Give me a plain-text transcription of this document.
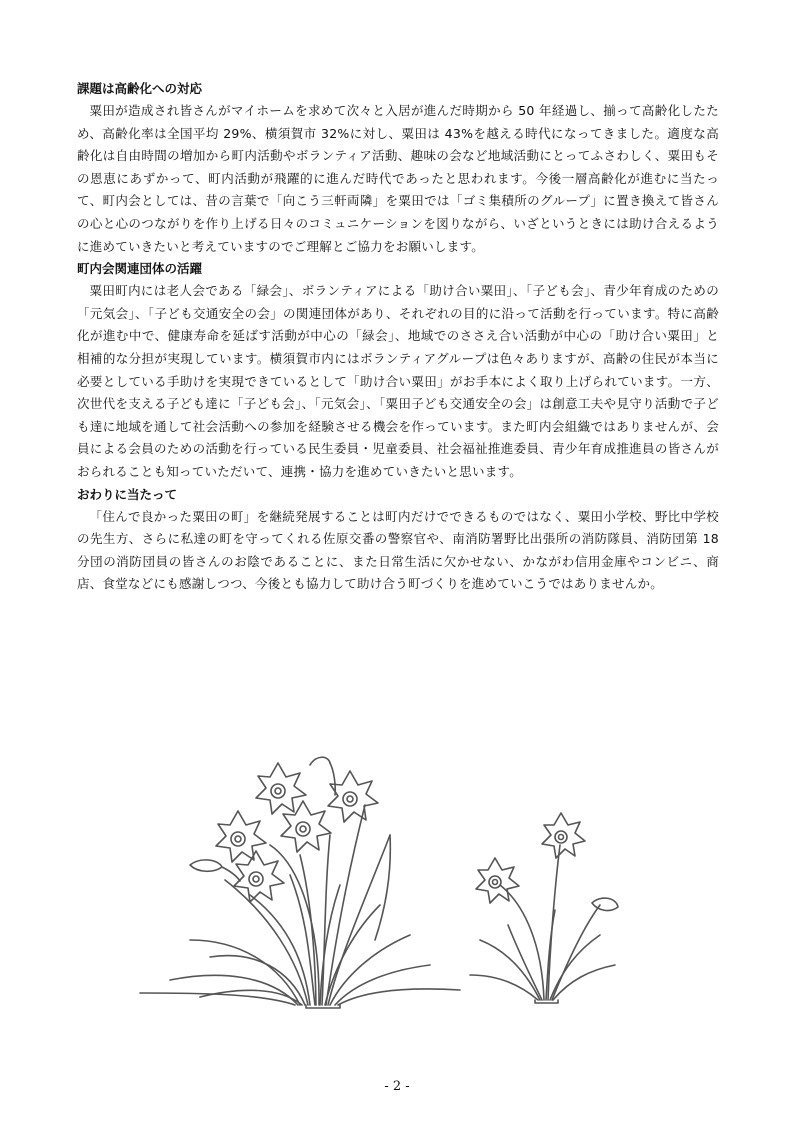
課題は高齢化への対応

粟田が造成され皆さんがマイホームを求めて次々と入居が進んだ時期から 50 年経過し、揃って高齢化したため、高齢化率は全国平均 29%、横須賀市 32%に対し、粟田は 43%を越える時代になってきました。適度な高齢化は自由時間の増加から町内活動やボランティア活動、趣味の会など地域活動にとってふさわしく、粟田もその恩恵にあずかって、町内活動が飛躍的に進んだ時代であったと思われます。今後一層高齢化が進むに当たって、町内会としては、昔の言葉で「向こう三軒両隣」を粟田では「ゴミ集積所のグループ」に置き換えて皆さんの心と心のつながりを作り上げる日々のコミュニケーションを図りながら、いざというときには助け合えるように進めていきたいと考えていますのでご理解とご協力をお願いします。

町内会関連団体の活躍

粟田町内には老人会である「緑会」、ボランティアによる「助け合い粟田」、「子ども会」、青少年育成のための「元気会」、「子ども交通安全の会」の関連団体があり、それぞれの目的に沿って活動を行っています。特に高齢化が進む中で、健康寿命を延ばす活動が中心の「緑会」、地域でのささえ合い活動が中心の「助け合い粟田」と相補的な分担が実現しています。横須賀市内にはボランティアグループは色々ありますが、高齢の住民が本当に必要としている手助けを実現できているとして「助け合い粟田」がお手本によく取り上げられています。一方、次世代を支える子ども達に「子ども会」、「元気会」、「粟田子ども交通安全の会」は創意工夫や見守り活動で子ども達に地域を通して社会活動への参加を経験させる機会を作っています。また町内会組織ではありませんが、会員による会員のための活動を行っている民生委員・児童委員、社会福祉推進委員、青少年育成推進員の皆さんがおられることも知っていただいて、連携・協力を進めていきたいと思います。

おわりに当たって

「住んで良かった粟田の町」を継続発展することは町内だけでできるものではなく、粟田小学校、野比中学校の先生方、さらに私達の町を守ってくれる佐原交番の警察官や、南消防署野比出張所の消防隊員、消防団第 18 分団の消防団員の皆さんのお陰であることに、また日常生活に欠かせない、かながわ信用金庫やコンビニ、商店、食堂などにも感謝しつつ、今後とも協力して助け合う町づくりを進めていこうではありませんか。

- 2 -
